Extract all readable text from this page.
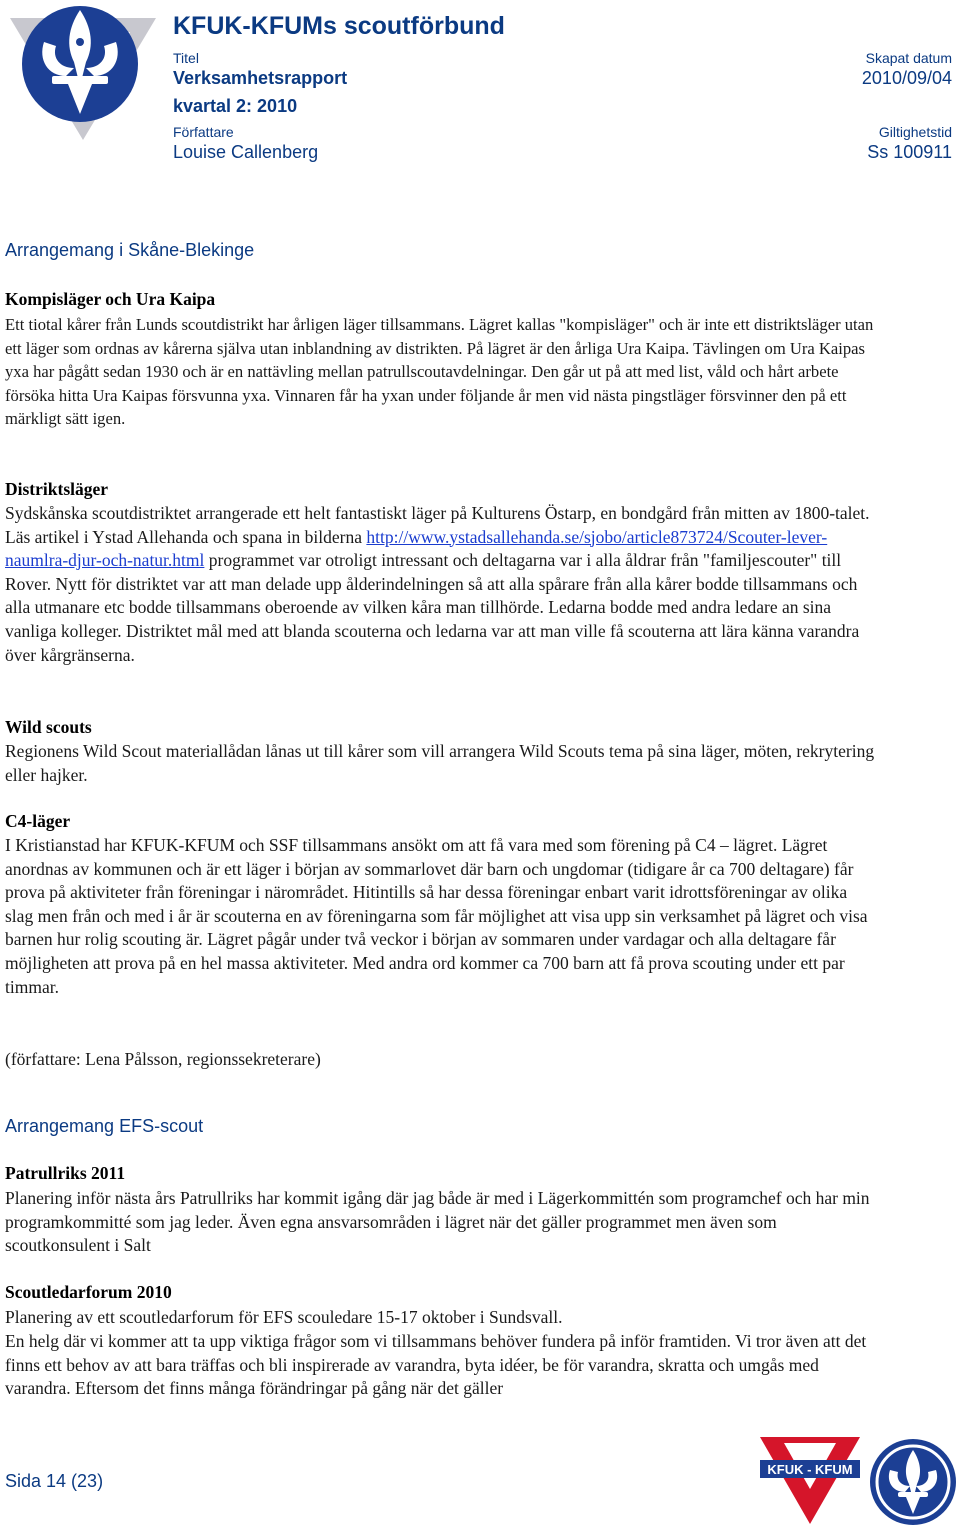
KFUK-KFUMs scoutförbund
Titel
Verksamhetsrapport
kvartal 2: 2010
Författare
Louise Callenberg
Skapat datum
2010/09/04
Giltighetstid
Ss 100911
Arrangemang i Skåne-Blekinge
Kompisläger och Ura Kaipa

Ett tiotal kårer från Lunds scoutdistrikt har årligen läger tillsammans. Lägret kallas "kompisläger" och är inte ett distriktsläger utan ett läger som ordnas av kårerna själva utan inblandning av distrikten. På lägret är den årliga Ura Kaipa. Tävlingen om Ura Kaipas yxa har pågått sedan 1930 och är en nattävling mellan patrullscoutavdelningar. Den går ut på att med list, våld och hårt arbete försöka hitta Ura Kaipas försvunna yxa. Vinnaren får ha yxan under följande år men vid nästa pingstläger försvinner den på ett märkligt sätt igen.

Distriktsläger

Sydskånska scoutdistriktet arrangerade ett helt fantastiskt läger på Kulturens Östarp, en bondgård från mitten av 1800-talet. Läs artikel i Ystad Allehanda och spana in bilderna http://www.ystadsallehanda.se/sjobo/article873724/Scouter-lever-naumlra-djur-och-natur.html programmet var otroligt intressant och deltagarna var i alla åldrar från "familjescouter" till Rover. Nytt för distriktet var att man delade upp ålderindelningen så att alla spårare från alla kårer bodde tillsammans och alla utmanare etc bodde tillsammans oberoende av vilken kåra man tillhörde. Ledarna bodde med andra ledare an sina vanliga kolleger. Distriktet mål med att blanda scouterna och ledarna var att man ville få scouterna att lära känna varandra över kårgränserna.

Wild scouts

Regionens Wild Scout materiallådan lånas ut till kårer som vill arrangera Wild Scouts tema på sina läger, möten, rekrytering eller hajker.

C4-läger

I Kristianstad har KFUK-KFUM och SSF tillsammans ansökt om att få vara med som förening på C4 – lägret. Lägret anordnas av kommunen och är ett läger i början av sommarlovet där barn och ungdomar (tidigare år ca 700 deltagare) får prova på aktiviteter från föreningar i närområdet. Hitintills så har dessa föreningar enbart varit idrottsföreningar av olika slag men från och med i år är scouterna en av föreningarna som får möjlighet att visa upp sin verksamhet på lägret och visa barnen hur rolig scouting är. Lägret pågår under två veckor i början av sommaren under vardagar och alla deltagare får möjligheten att prova på en hel massa aktiviteter. Med andra ord kommer ca 700 barn att få prova scouting under ett par timmar.

(författare: Lena Pålsson, regionssekreterare)
Arrangemang EFS-scout
Patrullriks 2011

Planering inför nästa års Patrullriks har kommit igång där jag både är med i Lägerkommittén som programchef och har min programkommitté som jag leder. Även egna ansvarsområden i lägret när det gäller programmet men även som scoutkonsulent i Salt

Scoutledarforum 2010

Planering av ett scoutledarforum för EFS scouledare 15-17 oktober i Sundsvall.

En helg där vi kommer att ta upp viktiga frågor som vi tillsammans behöver fundera på inför framtiden. Vi tror även att det finns ett behov av att bara träffas och bli inspirerade av varandra, byta idéer, be för varandra, skratta och umgås med varandra. Eftersom det finns många förändringar på gång när det gäller

Sida 14 (23)
KFUK - KFUM
